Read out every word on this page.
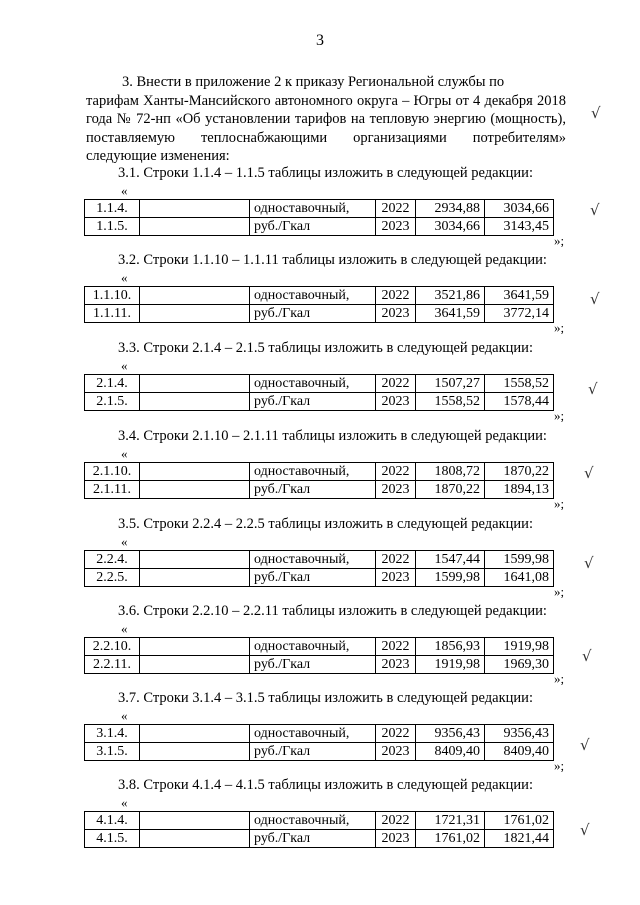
3
3. Внести в приложение 2 к приказу Региональной службы по
тарифам Ханты-Мансийского автономного округа – Югры от 4 декабря 2018 года № 72-нп «Об установлении тарифов на тепловую энергию (мощность), поставляемую теплоснабжающими организациями потребителям» следующие изменения:
√
3.1. Строки 1.1.4 – 1.1.5 таблицы изложить в следующей редакции:
«
1.1.4.		одноставочный,	2022	2934,88	3034,66
1.1.5.		руб./Гкал	2023	3034,66	3143,45
»;
√
3.2. Строки 1.1.10 – 1.1.11 таблицы изложить в следующей редакции:
«
1.1.10.		одноставочный,	2022	3521,86	3641,59
1.1.11.		руб./Гкал	2023	3641,59	3772,14
»;
√
3.3. Строки 2.1.4 – 2.1.5 таблицы изложить в следующей редакции:
«
2.1.4.		одноставочный,	2022	1507,27	1558,52
2.1.5.		руб./Гкал	2023	1558,52	1578,44
»;
√
3.4. Строки 2.1.10 – 2.1.11 таблицы изложить в следующей редакции:
«
2.1.10.		одноставочный,	2022	1808,72	1870,22
2.1.11.		руб./Гкал	2023	1870,22	1894,13
»;
√
3.5. Строки 2.2.4 – 2.2.5 таблицы изложить в следующей редакции:
«
2.2.4.		одноставочный,	2022	1547,44	1599,98
2.2.5.		руб./Гкал	2023	1599,98	1641,08
»;
√
3.6. Строки 2.2.10 – 2.2.11 таблицы изложить в следующей редакции:
«
2.2.10.		одноставочный,	2022	1856,93	1919,98
2.2.11.		руб./Гкал	2023	1919,98	1969,30
»;
√
3.7. Строки 3.1.4 – 3.1.5 таблицы изложить в следующей редакции:
«
3.1.4.		одноставочный,	2022	9356,43	9356,43
3.1.5.		руб./Гкал	2023	8409,40	8409,40
»;
√
3.8. Строки 4.1.4 – 4.1.5 таблицы изложить в следующей редакции:
«
4.1.4.		одноставочный,	2022	1721,31	1761,02
4.1.5.		руб./Гкал	2023	1761,02	1821,44 √
